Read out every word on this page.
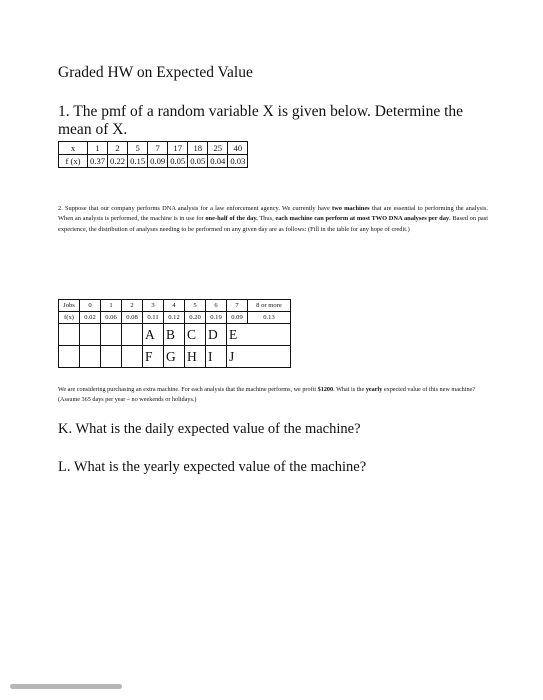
Graded HW on Expected Value
1. The pmf of a random variable X is given below. Determine the mean of X.
x	1	2	5	7	17	18	25	40
f (x)	0.37	0.22	0.15	0.09	0.05	0.05	0.04	0.03
2. Suppose that our company performs DNA analysis for a law enforcement agency. We currently have two machines that are essential to performing the analysis. When an analysis is performed, the machine is in use for one-half of the day. Thus, each machine can perform at most TWO DNA analyses per day. Based on past experience, the distribution of analyses needing to be performed on any given day are as follows: (Fill in the table for any hope of credit.)
Jobs	0	1	2	3	4	5	6	7	8 or more
f(x)	0.02	0.06	0.08	0.11	0.12	0.20	0.19	0.09	0.13
				A	B	C	D	E	
				F	G	H	I	J	
We are considering purchasing an extra machine. For each analysis that the machine performs, we profit $1200. What is the yearly expected value of this new machine? (Assume 365 days per year – no weekends or holidays.)
K. What is the daily expected value of the machine?
L. What is the yearly expected value of the machine?
